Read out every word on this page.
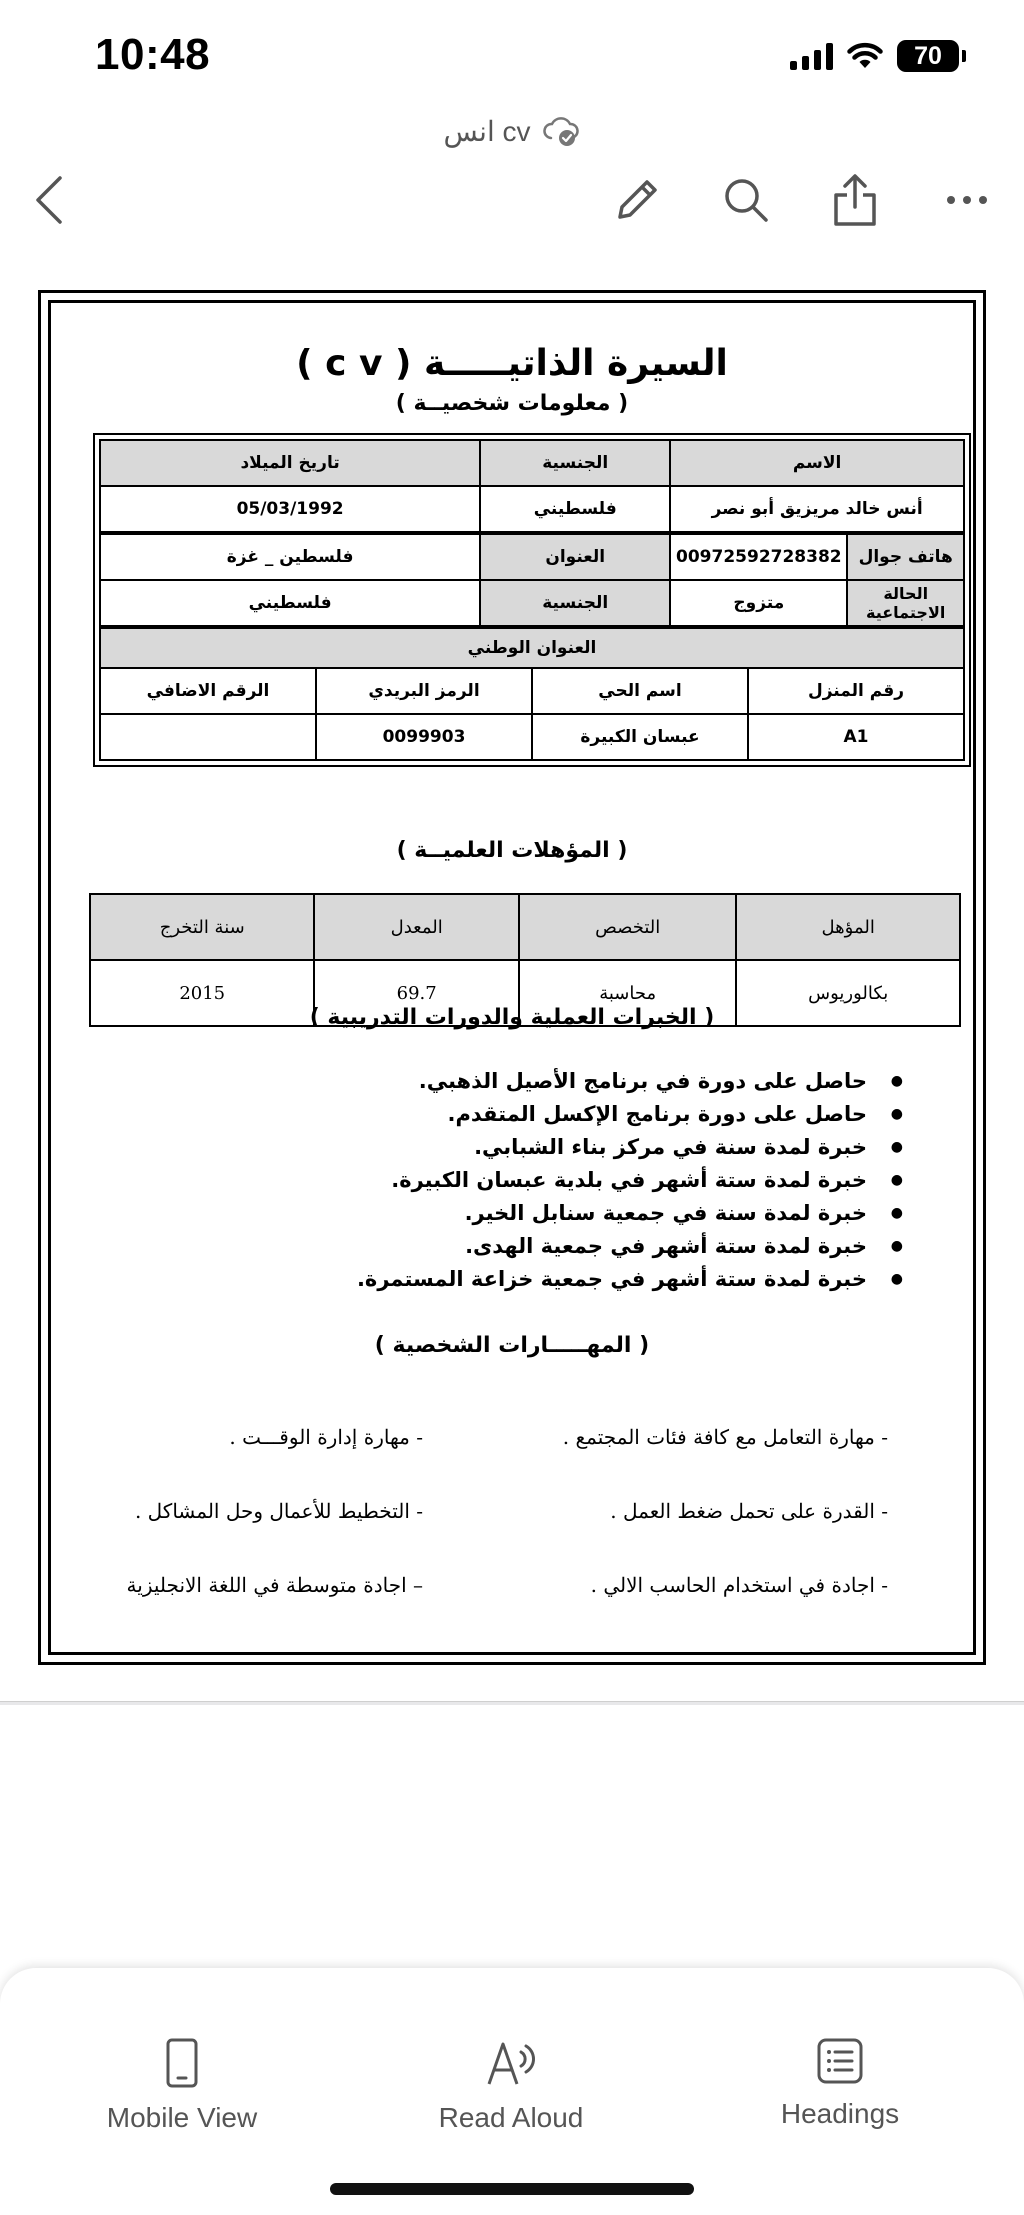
10:48	70
انس cv
السيرة الذاتيـــــة ( c v )
( معلومات شخصيــة )
الاسم	الجنسية	تاريخ الميلاد
أنس خالد مريزيق أبو نصر	فلسطيني	05/03/1992
هاتف جوال	00972592728382	العنوان	فلسطين _ غزة
الحالة الاجتماعية	متزوج	الجنسية	فلسطيني
العنوان الوطني			
رقم المنزل	اسم الحي	الرمز البريدي	الرقم الاضافي
A1	عبسان الكبيرة	0099903	
( المؤهلات العلميــة )
المؤهل	التخصص	المعدل	سنة التخرج
بكالوريوس	محاسبة	69.7	2015
( الخبرات العملية والدورات التدريبية )
● حاصل على دورة في برنامج الأصيل الذهبي.
● حاصل على دورة برنامج الإكسل المتقدم.
● خبرة لمدة سنة في مركز بناء الشبابي.
● خبرة لمدة ستة أشهر في بلدية عبسان الكبيرة.
● خبرة لمدة سنة في جمعية سنابل الخير.
● خبرة لمدة ستة أشهر في جمعية الهدى.
● خبرة لمدة ستة أشهر في جمعية خزاعة المستمرة.
( المهـــــارات الشخصية )
- مهارة التعامل مع كافة فئات المجتمع .
- مهارة إدارة الوقـــت .
- القدرة على تحمل ضغط العمل .
- التخطيط للأعمال وحل المشاكل .
- اجادة في استخدام الحاسب الالي .
– اجادة متوسطة في اللغة الانجليزية
Mobile View	Read Aloud	Headings
